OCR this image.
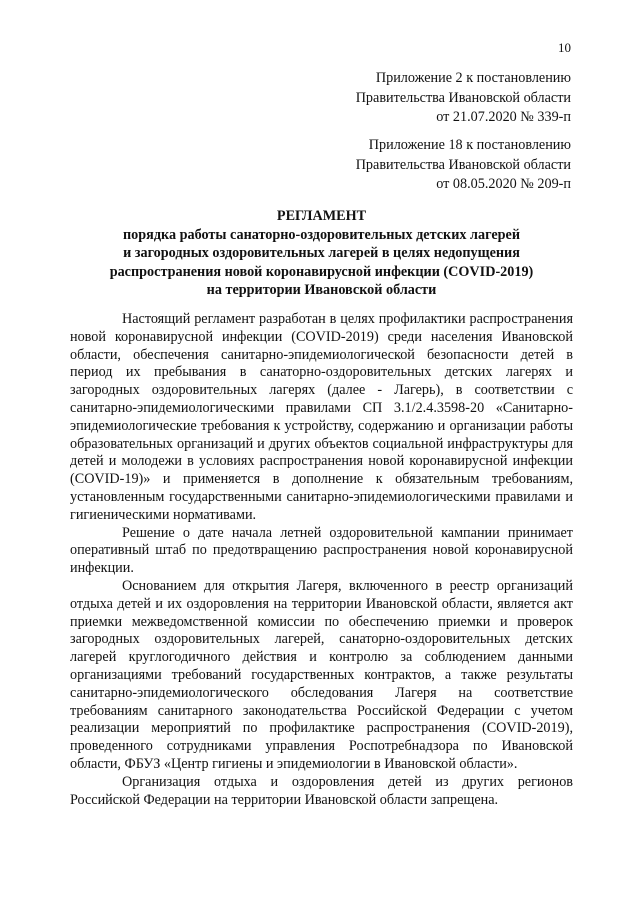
10
Приложение 2 к постановлению
Правительства Ивановской области
от 21.07.2020 № 339-п
Приложение 18 к постановлению
Правительства Ивановской области
от 08.05.2020 № 209-п
РЕГЛАМЕНТ
порядка работы санаторно-оздоровительных детских лагерей
и загородных оздоровительных лагерей в целях недопущения
распространения новой коронавирусной инфекции (COVID-2019)
на территории Ивановской области

Настоящий регламент разработан в целях профилактики распространения новой коронавирусной инфекции (COVID-2019) среди населения Ивановской области, обеспечения санитарно-эпидемиологической безопасности детей в период их пребывания в санаторно-оздоровительных детских лагерях и загородных оздоровительных лагерях (далее - Лагерь), в соответствии с санитарно-эпидемиологическими правилами СП 3.1/2.4.3598-20 «Санитарно-эпидемиологические требования к устройству, содержанию и организации работы образовательных организаций и других объектов социальной инфраструктуры для детей и молодежи в условиях распространения новой коронавирусной инфекции (COVID-19)» и применяется в дополнение к обязательным требованиям, установленным государственными санитарно-эпидемиологическими правилами и гигиеническими нормативами.

Решение о дате начала летней оздоровительной кампании принимает оперативный штаб по предотвращению распространения новой коронавирусной инфекции.

Основанием для открытия Лагеря, включенного в реестр организаций отдыха детей и их оздоровления на территории Ивановской области, является акт приемки межведомственной комиссии по обеспечению приемки и проверок загородных оздоровительных лагерей, санаторно-оздоровительных детских лагерей круглогодичного действия и контролю за соблюдением данными организациями требований государственных контрактов, а также результаты санитарно-эпидемиологического обследования Лагеря на соответствие требованиям санитарного законодательства Российской Федерации с учетом реализации мероприятий по профилактике распространения (COVID-2019), проведенного сотрудниками управления Роспотребнадзора по Ивановской области, ФБУЗ «Центр гигиены и эпидемиологии в Ивановской области».

Организация отдыха и оздоровления детей из других регионов Российской Федерации на территории Ивановской области запрещена.
